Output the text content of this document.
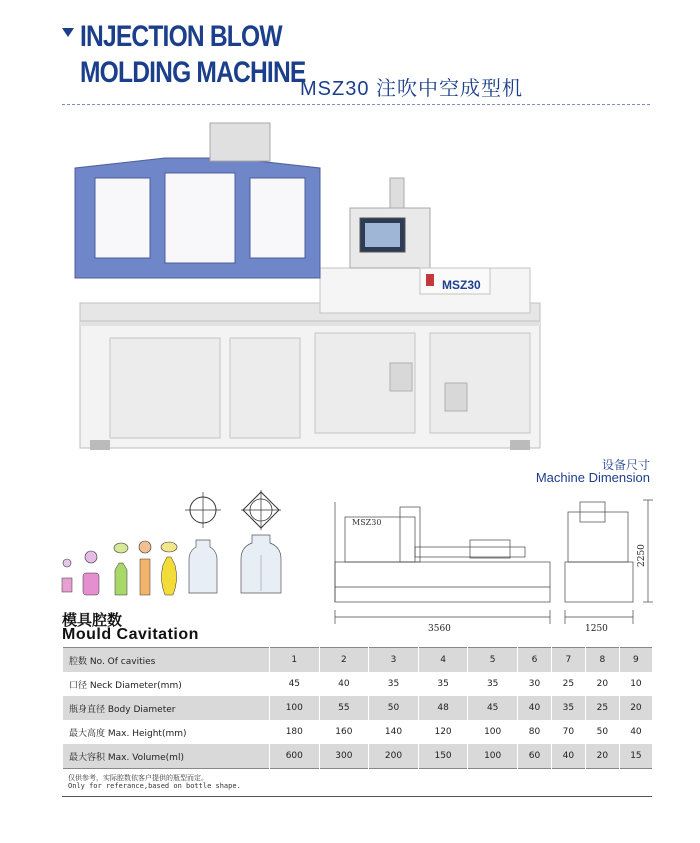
INJECTION BLOW
MOLDING MACHINE
MSZ30 注吹中空成型机
MSZ30
设备尺寸
Machine Dimension
MSZ30
3560	1250
2250
模具腔数
Mould Cavitation
腔数 No. Of cavities	1	2	3	4	5	6	7	8	9
口径 Neck Diameter(mm)	45	40	35	35	35	30	25	20	10
瓶身直径 Body Diameter	100	55	50	48	45	40	35	25	20
最大高度 Max. Height(mm)	180	160	140	120	100	80	70	50	40
最大容积 Max. Volume(ml)	600	300	200	150	100	60	40	20	15
仅供参考，实际腔数依客户提供的瓶型而定。
Only for referance,based on bottle shape.
